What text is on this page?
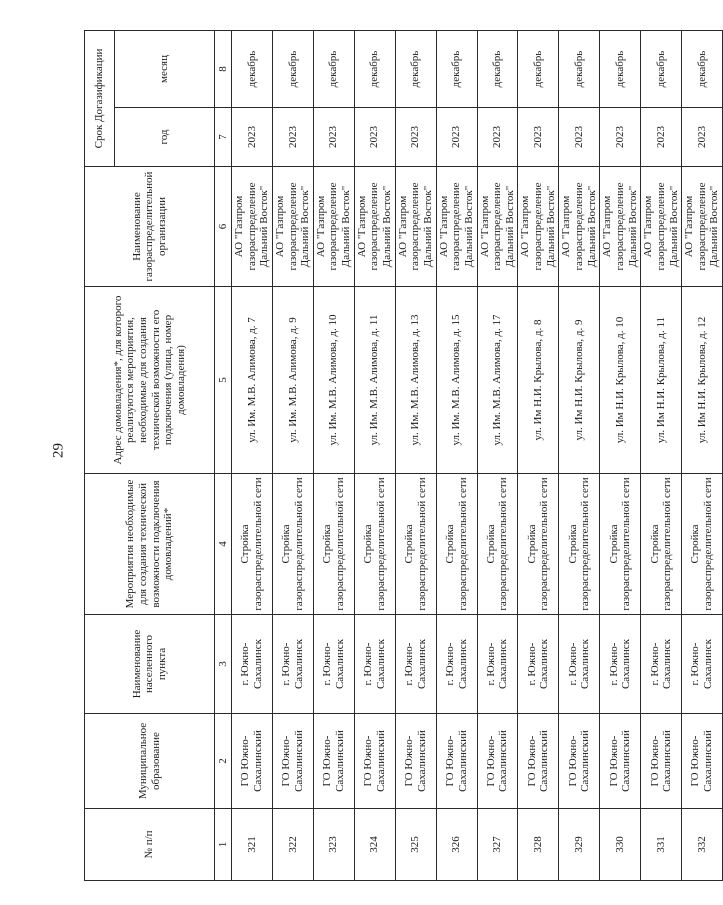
29
№ п/п	Муниципальное образование	Наименование населенного пункта	Мероприятия необходимые для создания технической возможности подключения домовладений*	Адрес домовладения*, для которого реализуются мероприятия, необходимые для создания технической возможности его подключения (улица, номер домовладения)	Наименование газораспределительной организации	Срок Догазификации	
						год	месяц
1	2	3	4	5	6	7	8
321	ГО Южно-Сахалинский	г. Южно-Сахалинск	Стройка газораспределительной сети	ул. Им. М.В. Алимова, д. 7	АО "Газпром газораспределение Дальний Восток"	2023	декабрь
322	ГО Южно-Сахалинский	г. Южно-Сахалинск	Стройка газораспределительной сети	ул. Им. М.В. Алимова, д. 9	АО "Газпром газораспределение Дальний Восток"	2023	декабрь
323	ГО Южно-Сахалинский	г. Южно-Сахалинск	Стройка газораспределительной сети	ул. Им. М.В. Алимова, д. 10	АО "Газпром газораспределение Дальний Восток"	2023	декабрь
324	ГО Южно-Сахалинский	г. Южно-Сахалинск	Стройка газораспределительной сети	ул. Им. М.В. Алимова, д. 11	АО "Газпром газораспределение Дальний Восток"	2023	декабрь
325	ГО Южно-Сахалинский	г. Южно-Сахалинск	Стройка газораспределительной сети	ул. Им. М.В. Алимова, д. 13	АО "Газпром газораспределение Дальний Восток"	2023	декабрь
326	ГО Южно-Сахалинский	г. Южно-Сахалинск	Стройка газораспределительной сети	ул. Им. М.В. Алимова, д. 15	АО "Газпром газораспределение Дальний Восток"	2023	декабрь
327	ГО Южно-Сахалинский	г. Южно-Сахалинск	Стройка газораспределительной сети	ул. Им. М.В. Алимова, д. 17	АО "Газпром газораспределение Дальний Восток"	2023	декабрь
328	ГО Южно-Сахалинский	г. Южно-Сахалинск	Стройка газораспределительной сети	ул. Им Н.И. Крылова, д. 8	АО "Газпром газораспределение Дальний Восток"	2023	декабрь
329	ГО Южно-Сахалинский	г. Южно-Сахалинск	Стройка газораспределительной сети	ул. Им Н.И. Крылова, д. 9	АО "Газпром газораспределение Дальний Восток"	2023	декабрь
330	ГО Южно-Сахалинский	г. Южно-Сахалинск	Стройка газораспределительной сети	ул. Им Н.И. Крылова, д. 10	АО "Газпром газораспределение Дальний Восток"	2023	декабрь
331	ГО Южно-Сахалинский	г. Южно-Сахалинск	Стройка газораспределительной сети	ул. Им Н.И. Крылова, д. 11	АО "Газпром газораспределение Дальний Восток"	2023	декабрь
332	ГО Южно-Сахалинский	г. Южно-Сахалинск	Стройка газораспределительной сети	ул. Им Н.И. Крылова, д. 12	АО "Газпром газораспределение Дальний Восток"	2023	декабрь
